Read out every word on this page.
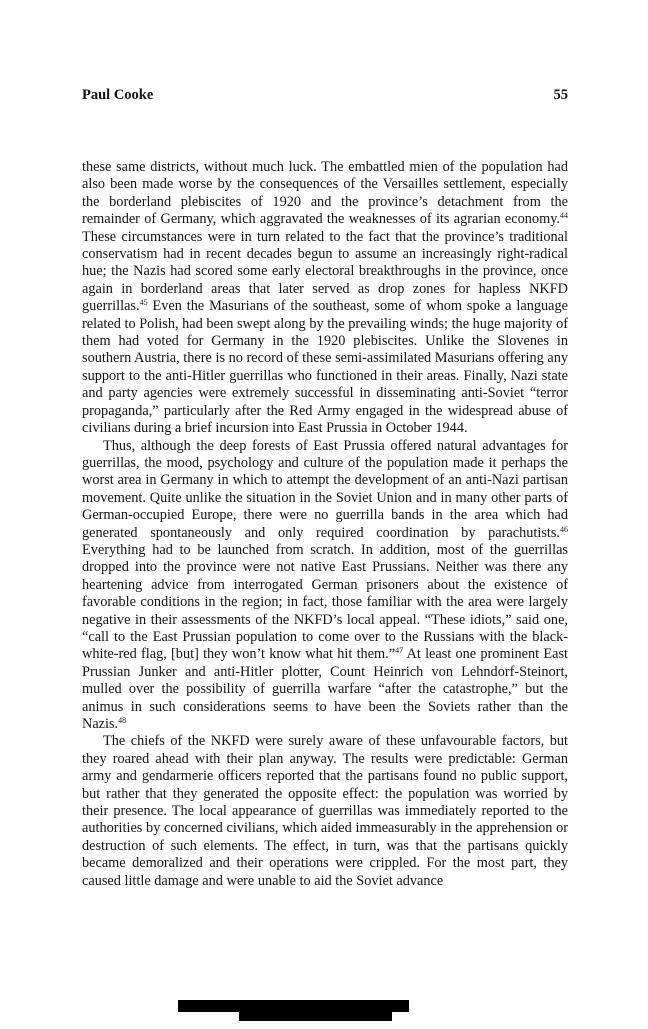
Paul Cooke	55

these same districts, without much luck. The embattled mien of the population had also been made worse by the consequences of the Versailles settlement, especially the borderland plebiscites of 1920 and the province’s detachment from the remainder of Germany, which aggravated the weaknesses of its agrarian economy.$^{44}$ These circumstances were in turn related to the fact that the province’s traditional conservatism had in recent decades begun to assume an increasingly right-radical hue; the Nazis had scored some early electoral breakthroughs in the province, once again in borderland areas that later served as drop zones for hapless NKFD guerrillas.$^{45}$ Even the Masurians of the southeast, some of whom spoke a language related to Polish, had been swept along by the prevailing winds; the huge majority of them had voted for Germany in the 1920 plebiscites. Unlike the Slovenes in southern Austria, there is no record of these semi-assimilated Masurians offering any support to the anti-Hitler guerrillas who functioned in their areas. Finally, Nazi state and party agencies were extremely successful in disseminating anti-Soviet “terror propaganda,” particularly after the Red Army engaged in the widespread abuse of civilians during a brief incursion into East Prussia in October 1944.

Thus, although the deep forests of East Prussia offered natural advantages for guerrillas, the mood, psychology and culture of the population made it perhaps the worst area in Germany in which to attempt the development of an anti-Nazi partisan movement. Quite unlike the situation in the Soviet Union and in many other parts of German-occupied Europe, there were no guerrilla bands in the area which had generated spontaneously and only required coordination by parachutists.$^{46}$ Everything had to be launched from scratch. In addition, most of the guerrillas dropped into the province were not native East Prussians. Neither was there any heartening advice from interrogated German prisoners about the existence of favorable conditions in the region; in fact, those familiar with the area were largely negative in their assessments of the NKFD’s local appeal. “These idiots,” said one, “call to the East Prussian population to come over to the Russians with the black-white-red flag, [but] they won’t know what hit them.”$^{47}$ At least one prominent East Prussian Junker and anti-Hitler plotter, Count Heinrich von Lehndorf-Steinort, mulled over the possibility of guerrilla warfare “after the catastrophe,” but the animus in such considerations seems to have been the Soviets rather than the Nazis.$^{48}$

The chiefs of the NKFD were surely aware of these unfavourable factors, but they roared ahead with their plan anyway. The results were predictable: German army and gendarmerie officers reported that the partisans found no public support, but rather that they generated the opposite effect: the population was worried by their presence. The local appearance of guerrillas was immediately reported to the authorities by concerned civilians, which aided immeasurably in the apprehension or destruction of such elements. The effect, in turn, was that the partisans quickly became demoralized and their operations were crippled. For the most part, they caused little damage and were unable to aid the Soviet advance
